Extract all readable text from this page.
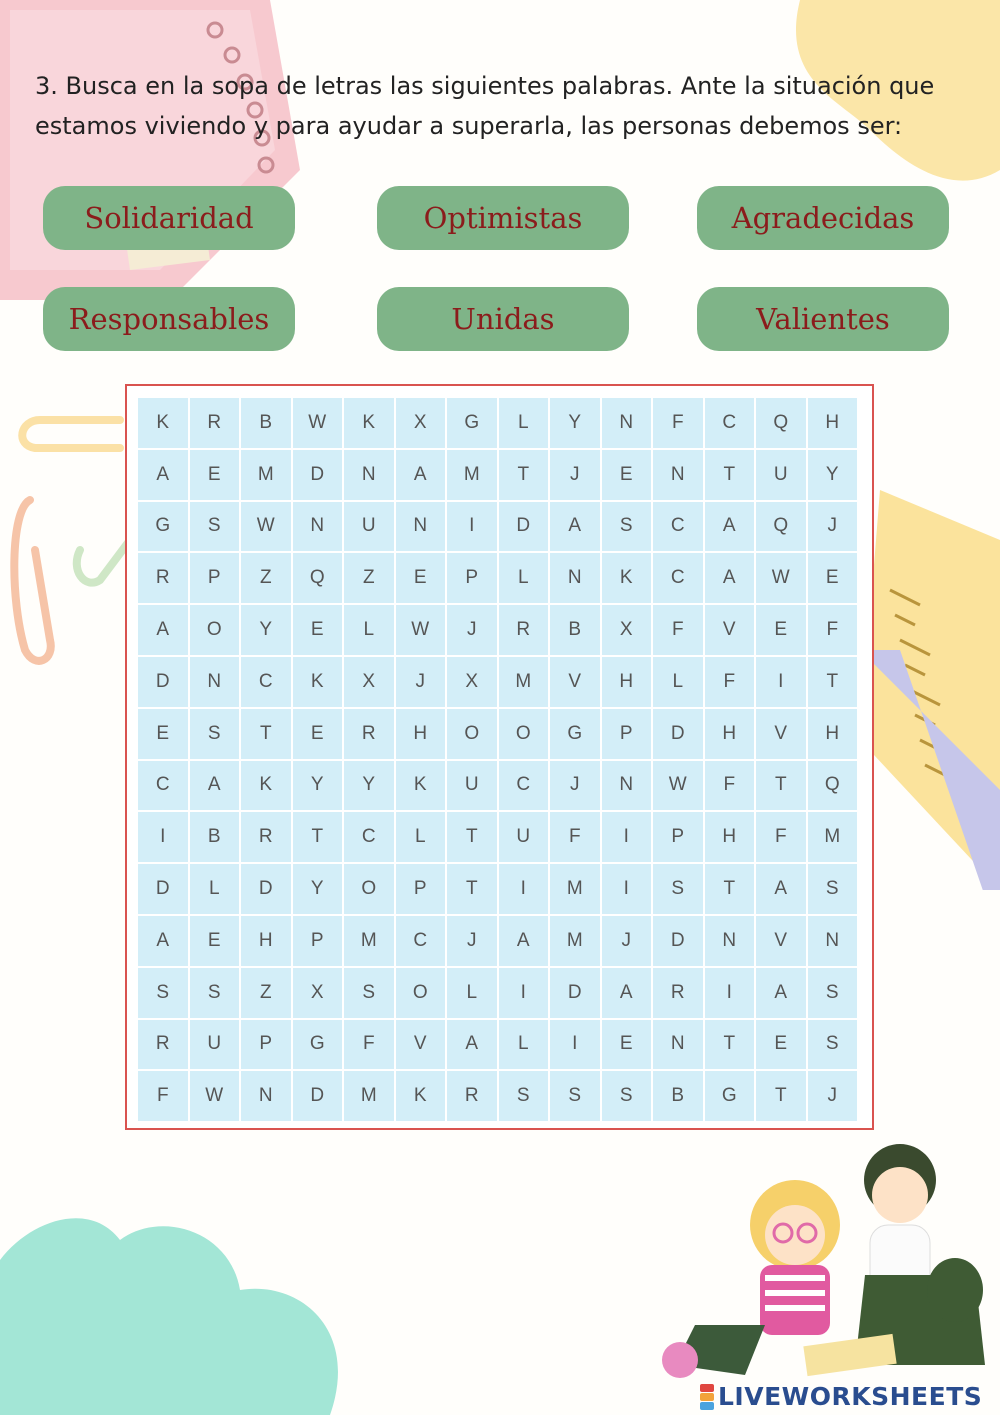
3. Busca en la sopa de letras las siguientes palabras. Ante la situación que estamos viviendo y para ayudar a superarla, las personas debemos ser:

Solidaridad	Optimistas	Agradecidas
Responsables	Unidas	Valientes
K	R	B	W	K	X	G	L	Y	N	F	C	Q	H
A	E	M	D	N	A	M	T	J	E	N	T	U	Y
G	S	W	N	U	N	I	D	A	S	C	A	Q	J
R	P	Z	Q	Z	E	P	L	N	K	C	A	W	E
A	O	Y	E	L	W	J	R	B	X	F	V	E	F
D	N	C	K	X	J	X	M	V	H	L	F	I	T
E	S	T	E	R	H	O	O	G	P	D	H	V	H
C	A	K	Y	Y	K	U	C	J	N	W	F	T	Q
I	B	R	T	C	L	T	U	F	I	P	H	F	M
D	L	D	Y	O	P	T	I	M	I	S	T	A	S
A	E	H	P	M	C	J	A	M	J	D	N	V	N
S	S	Z	X	S	O	L	I	D	A	R	I	A	S
R	U	P	G	F	V	A	L	I	E	N	T	E	S
F	W	N	D	M	K	R	S	S	S	B	G	T	J
LIVEWORKSHEETS
